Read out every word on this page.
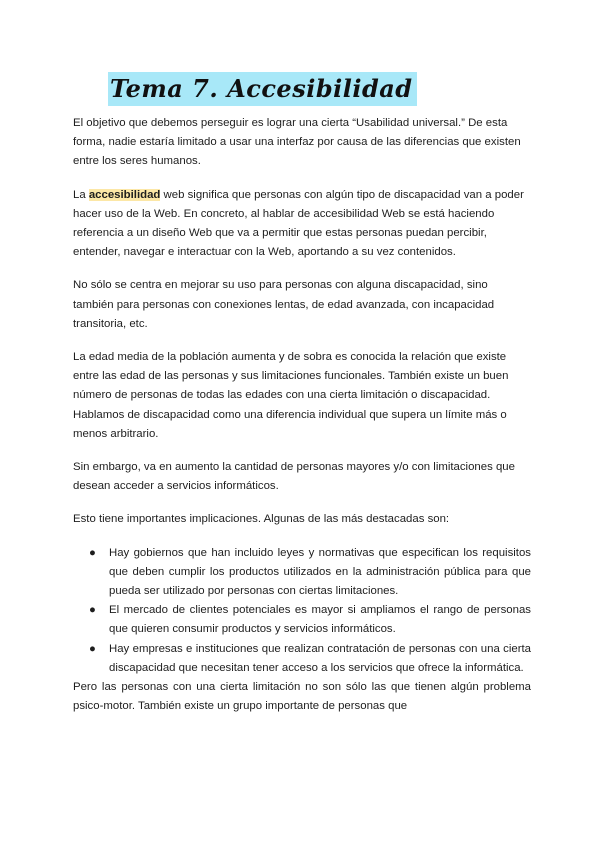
Tema 7. Accesibilidad

El objetivo que debemos perseguir es lograr una cierta “Usabilidad universal.” De esta forma, nadie estaría limitado a usar una interfaz por causa de las diferencias que existen entre los seres humanos.

La accesibilidad web significa que personas con algún tipo de discapacidad van a poder hacer uso de la Web. En concreto, al hablar de accesibilidad Web se está haciendo referencia a un diseño Web que va a permitir que estas personas puedan percibir, entender, navegar e interactuar con la Web, aportando a su vez contenidos.

No sólo se centra en mejorar su uso para personas con alguna discapacidad, sino también para personas con conexiones lentas, de edad avanzada, con incapacidad transitoria, etc.

La edad media de la población aumenta y de sobra es conocida la relación que existe entre las edad de las personas y sus limitaciones funcionales. También existe un buen número de personas de todas las edades con una cierta limitación o discapacidad. Hablamos de discapacidad como una diferencia individual que supera un límite más o menos arbitrario.

Sin embargo, va en aumento la cantidad de personas mayores y/o con limitaciones que desean acceder a servicios informáticos.

Esto tiene importantes implicaciones. Algunas de las más destacadas son:

● Hay gobiernos que han incluido leyes y normativas que especifican los requisitos que deben cumplir los productos utilizados en la administración pública para que pueda ser utilizado por personas con ciertas limitaciones.
● El mercado de clientes potenciales es mayor si ampliamos el rango de personas que quieren consumir productos y servicios informáticos.
● Hay empresas e instituciones que realizan contratación de personas con una cierta discapacidad que necesitan tener acceso a los servicios que ofrece la informática.

Pero las personas con una cierta limitación no son sólo las que tienen algún problema psico-motor. También existe un grupo importante de personas que
